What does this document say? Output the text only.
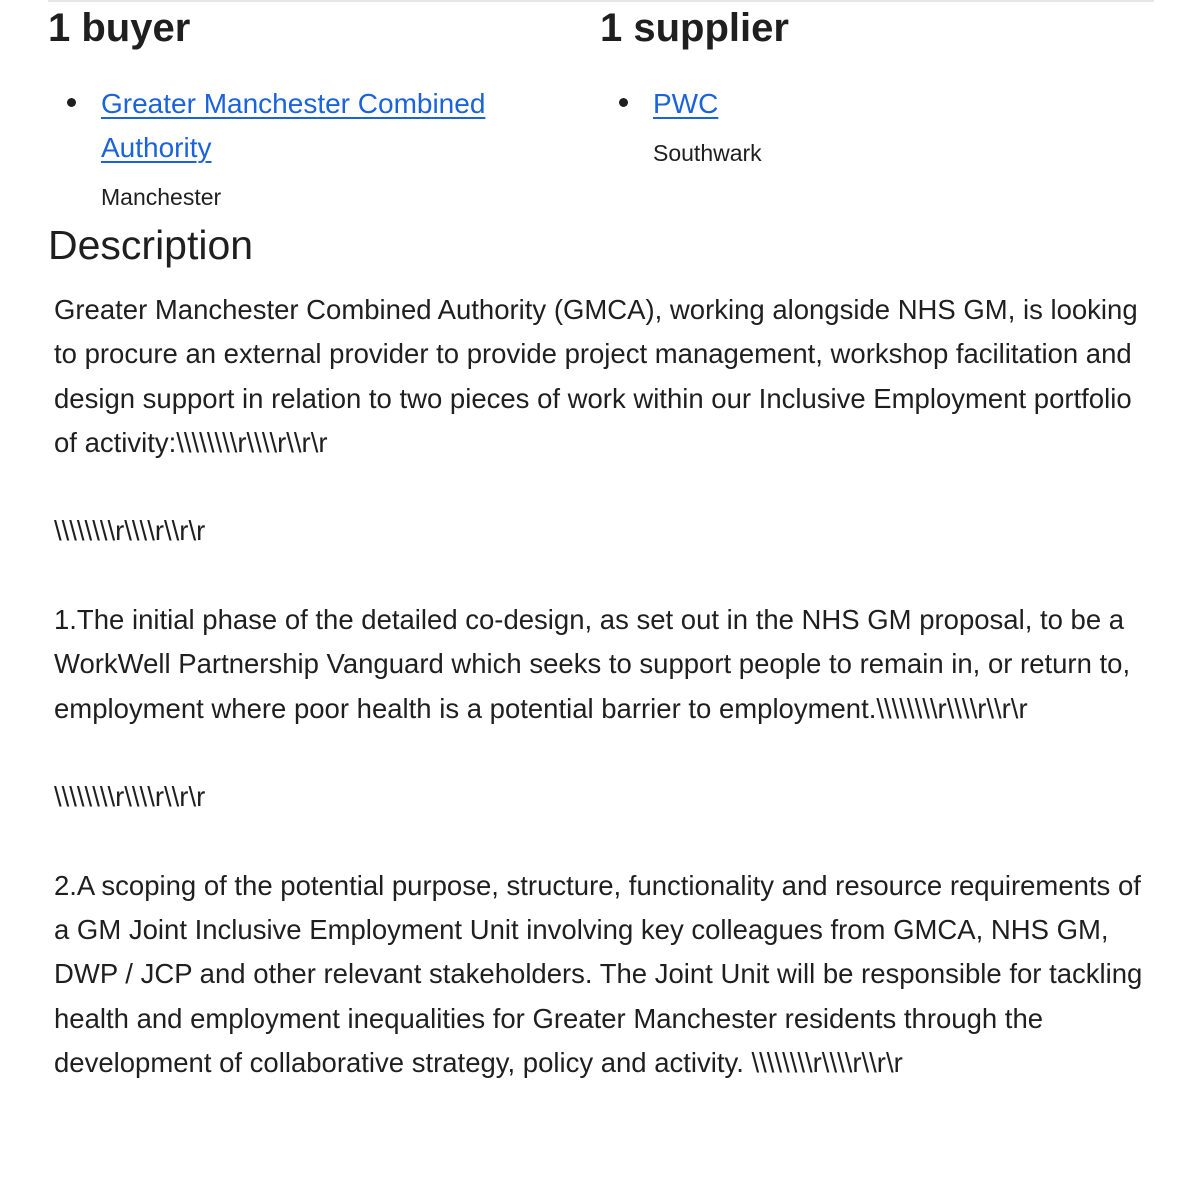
1 buyer
Greater Manchester Combined Authority
Manchester
1 supplier
PWC
Southwark
Description

Greater Manchester Combined Authority (GMCA), working alongside NHS GM, is looking to procure an external provider to provide project management, workshop facilitation and design support in relation to two pieces of work within our Inclusive Employment portfolio of activity:\\\\\\\\r\\\\r\\r\r

\\\\\\\\r\\\\r\\r\r

1.The initial phase of the detailed co-design, as set out in the NHS GM proposal, to be a WorkWell Partnership Vanguard which seeks to support people to remain in, or return to, employment where poor health is a potential barrier to employment.\\\\\\\\r\\\\r\\r\r

\\\\\\\\r\\\\r\\r\r

2.A scoping of the potential purpose, structure, functionality and resource requirements of a GM Joint Inclusive Employment Unit involving key colleagues from GMCA, NHS GM, DWP / JCP and other relevant stakeholders. The Joint Unit will be responsible for tackling health and employment inequalities for Greater Manchester residents through the development of collaborative strategy, policy and activity. \\\\\\\\r\\\\r\\r\r
